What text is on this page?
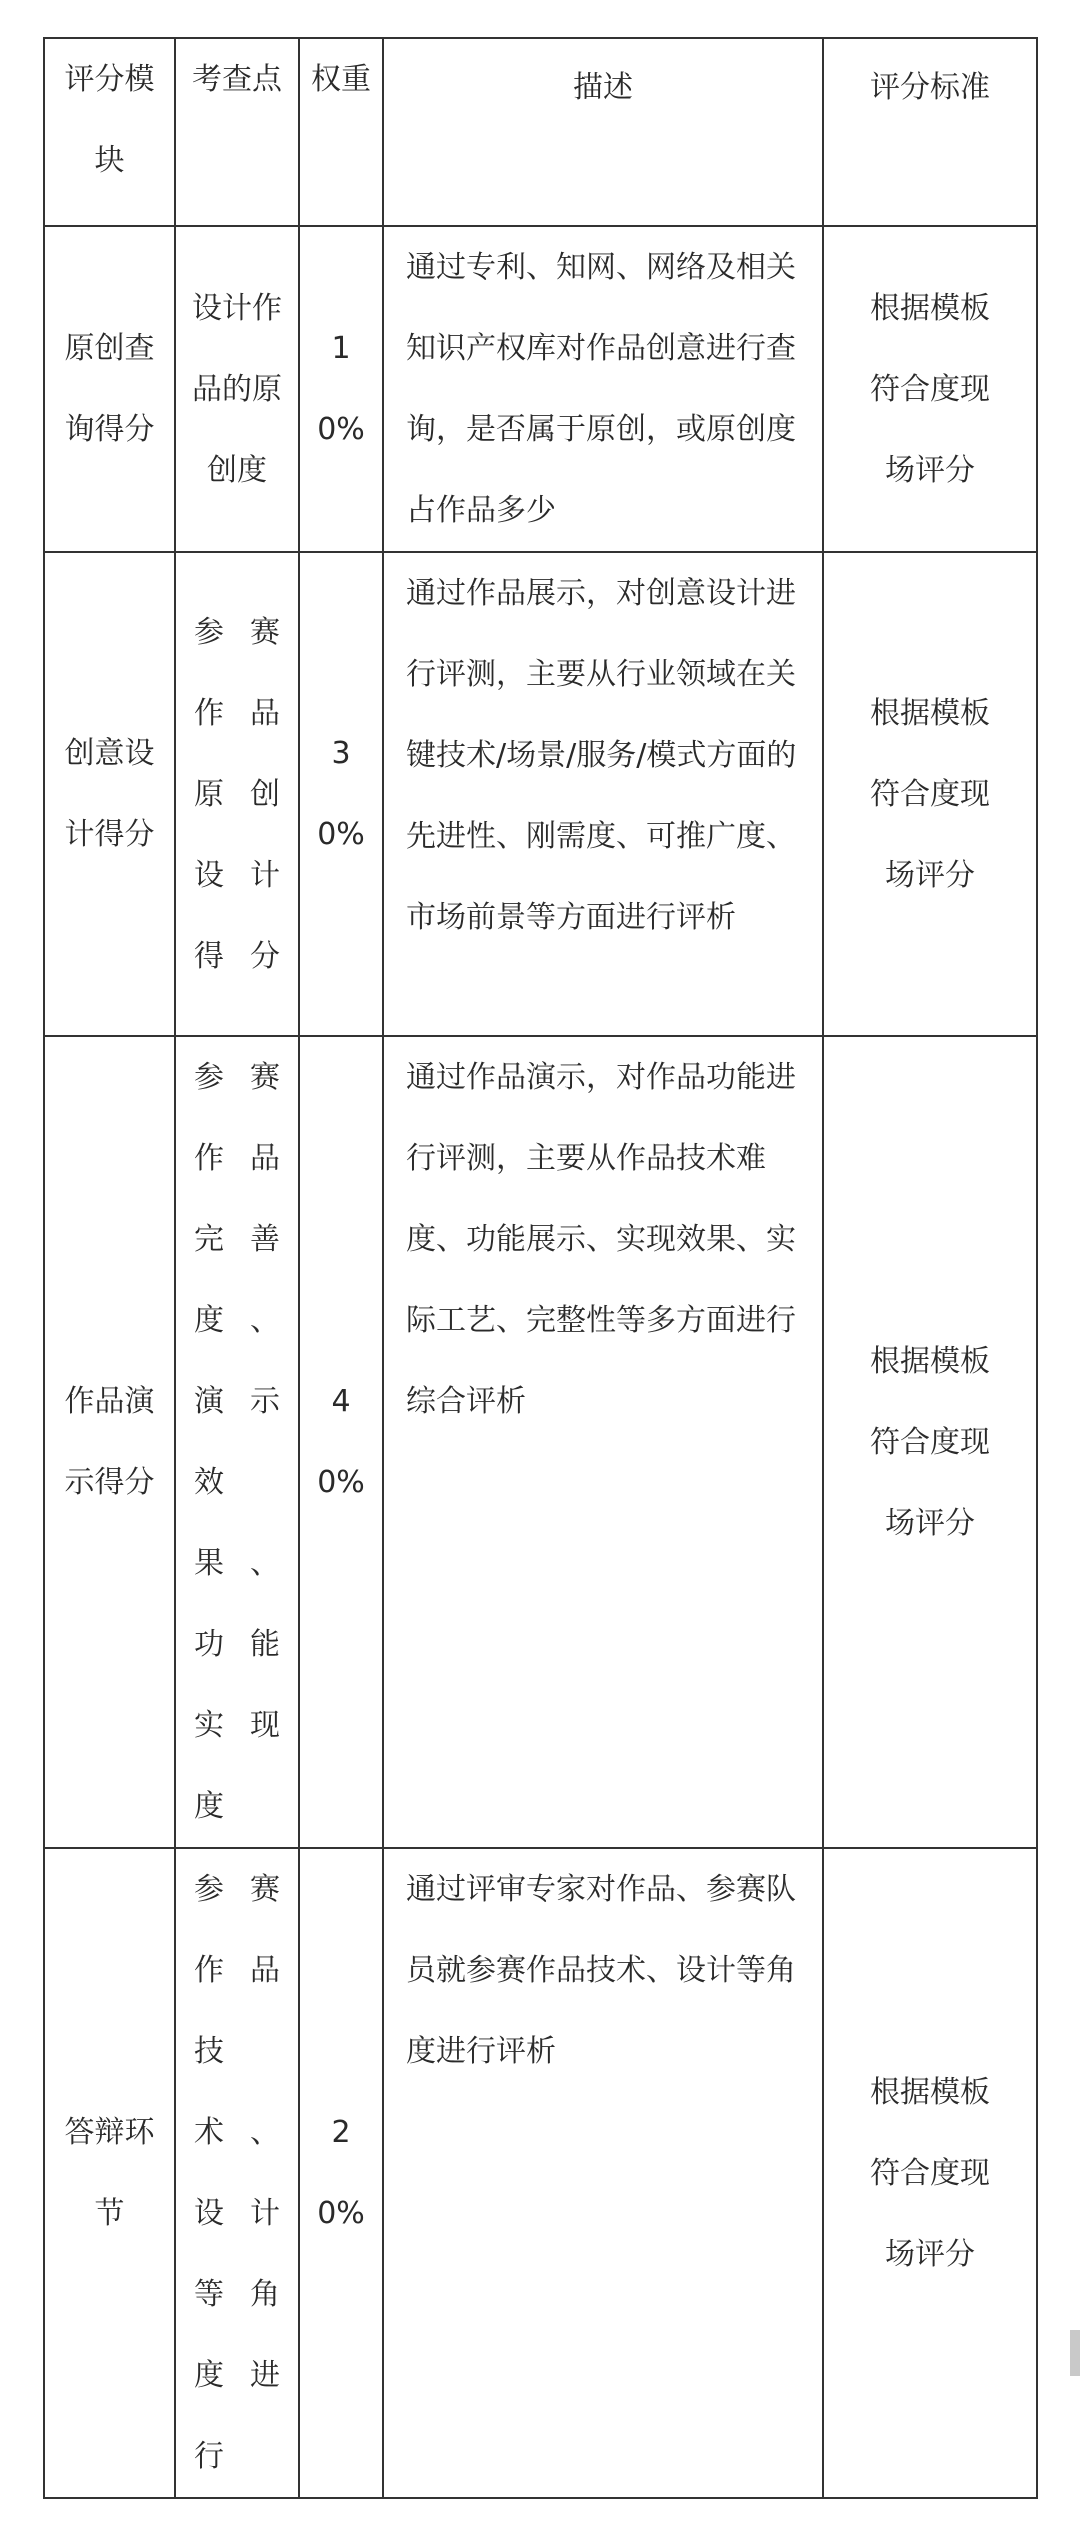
评分模块	考查点	权重	描述	评分标准
原创查询得分	设计作品的原创度	10%	通过专利、知网、网络及相关知识产权库对作品创意进行查询，是否属于原创，或原创度占作品多少	根据模板符合度现场评分
创意设计得分	参赛作品原创设计得分	30%	通过作品展示，对创意设计进行评测，主要从行业领域在关键技术/场景/服务/模式方面的先进性、刚需度、可推广度、市场前景等方面进行评析	根据模板符合度现场评分
作品演示得分	参赛作品完善度、演示效果、功能实现度	40%	通过作品演示，对作品功能进行评测，主要从作品技术难度、功能展示、实现效果、实际工艺、完整性等多方面进行综合评析	根据模板符合度现场评分
答辩环节	参赛作品技术、设计等角度进行	20%	通过评审专家对作品、参赛队员就参赛作品技术、设计等角度进行评析	根据模板符合度现场评分
